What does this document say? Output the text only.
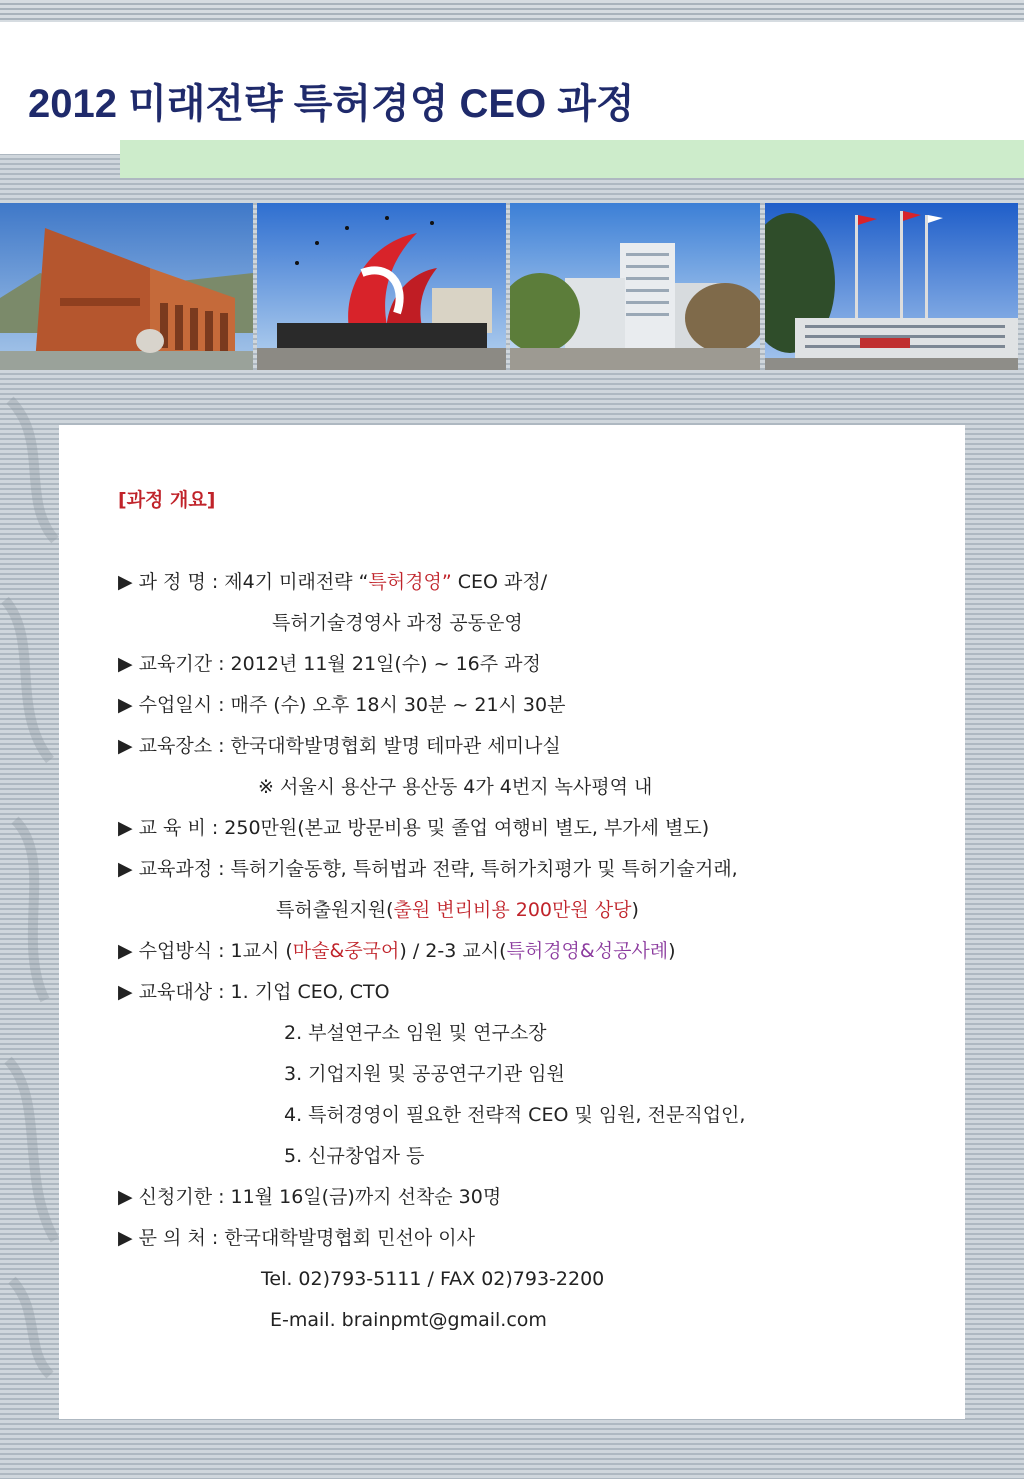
2012 미래전략 특허경영 CEO 과정
[과정 개요]

▶ 과 정 명 : 제4기 미래전략 “특허경영” CEO 과정/

특허기술경영사 과정 공동운영

▶ 교육기간 : 2012년 11월 21일(수) ~ 16주 과정

▶ 수업일시 : 매주 (수) 오후 18시 30분 ~ 21시 30분

▶ 교육장소 : 한국대학발명협회 발명 테마관 세미나실

※ 서울시 용산구 용산동 4가 4번지 녹사평역 내

▶ 교 육 비 : 250만원(본교 방문비용 및 졸업 여행비 별도, 부가세 별도)

▶ 교육과정 : 특허기술동향, 특허법과 전략, 특허가치평가 및 특허기술거래,

특허출원지원(출원 변리비용 200만원 상당)

▶ 수업방식 : 1교시 (마술&중국어) / 2-3 교시(특허경영&성공사례)

▶ 교육대상 : 1. 기업 CEO, CTO

2. 부설연구소 임원 및 연구소장

3. 기업지원 및 공공연구기관 임원

4. 특허경영이 필요한 전략적 CEO 및 임원, 전문직업인,

5. 신규창업자 등

▶ 신청기한 : 11월 16일(금)까지 선착순 30명

▶ 문 의 처 : 한국대학발명협회 민선아 이사

Tel. 02)793-5111 / FAX 02)793-2200

E-mail. brainpmt@gmail.com
